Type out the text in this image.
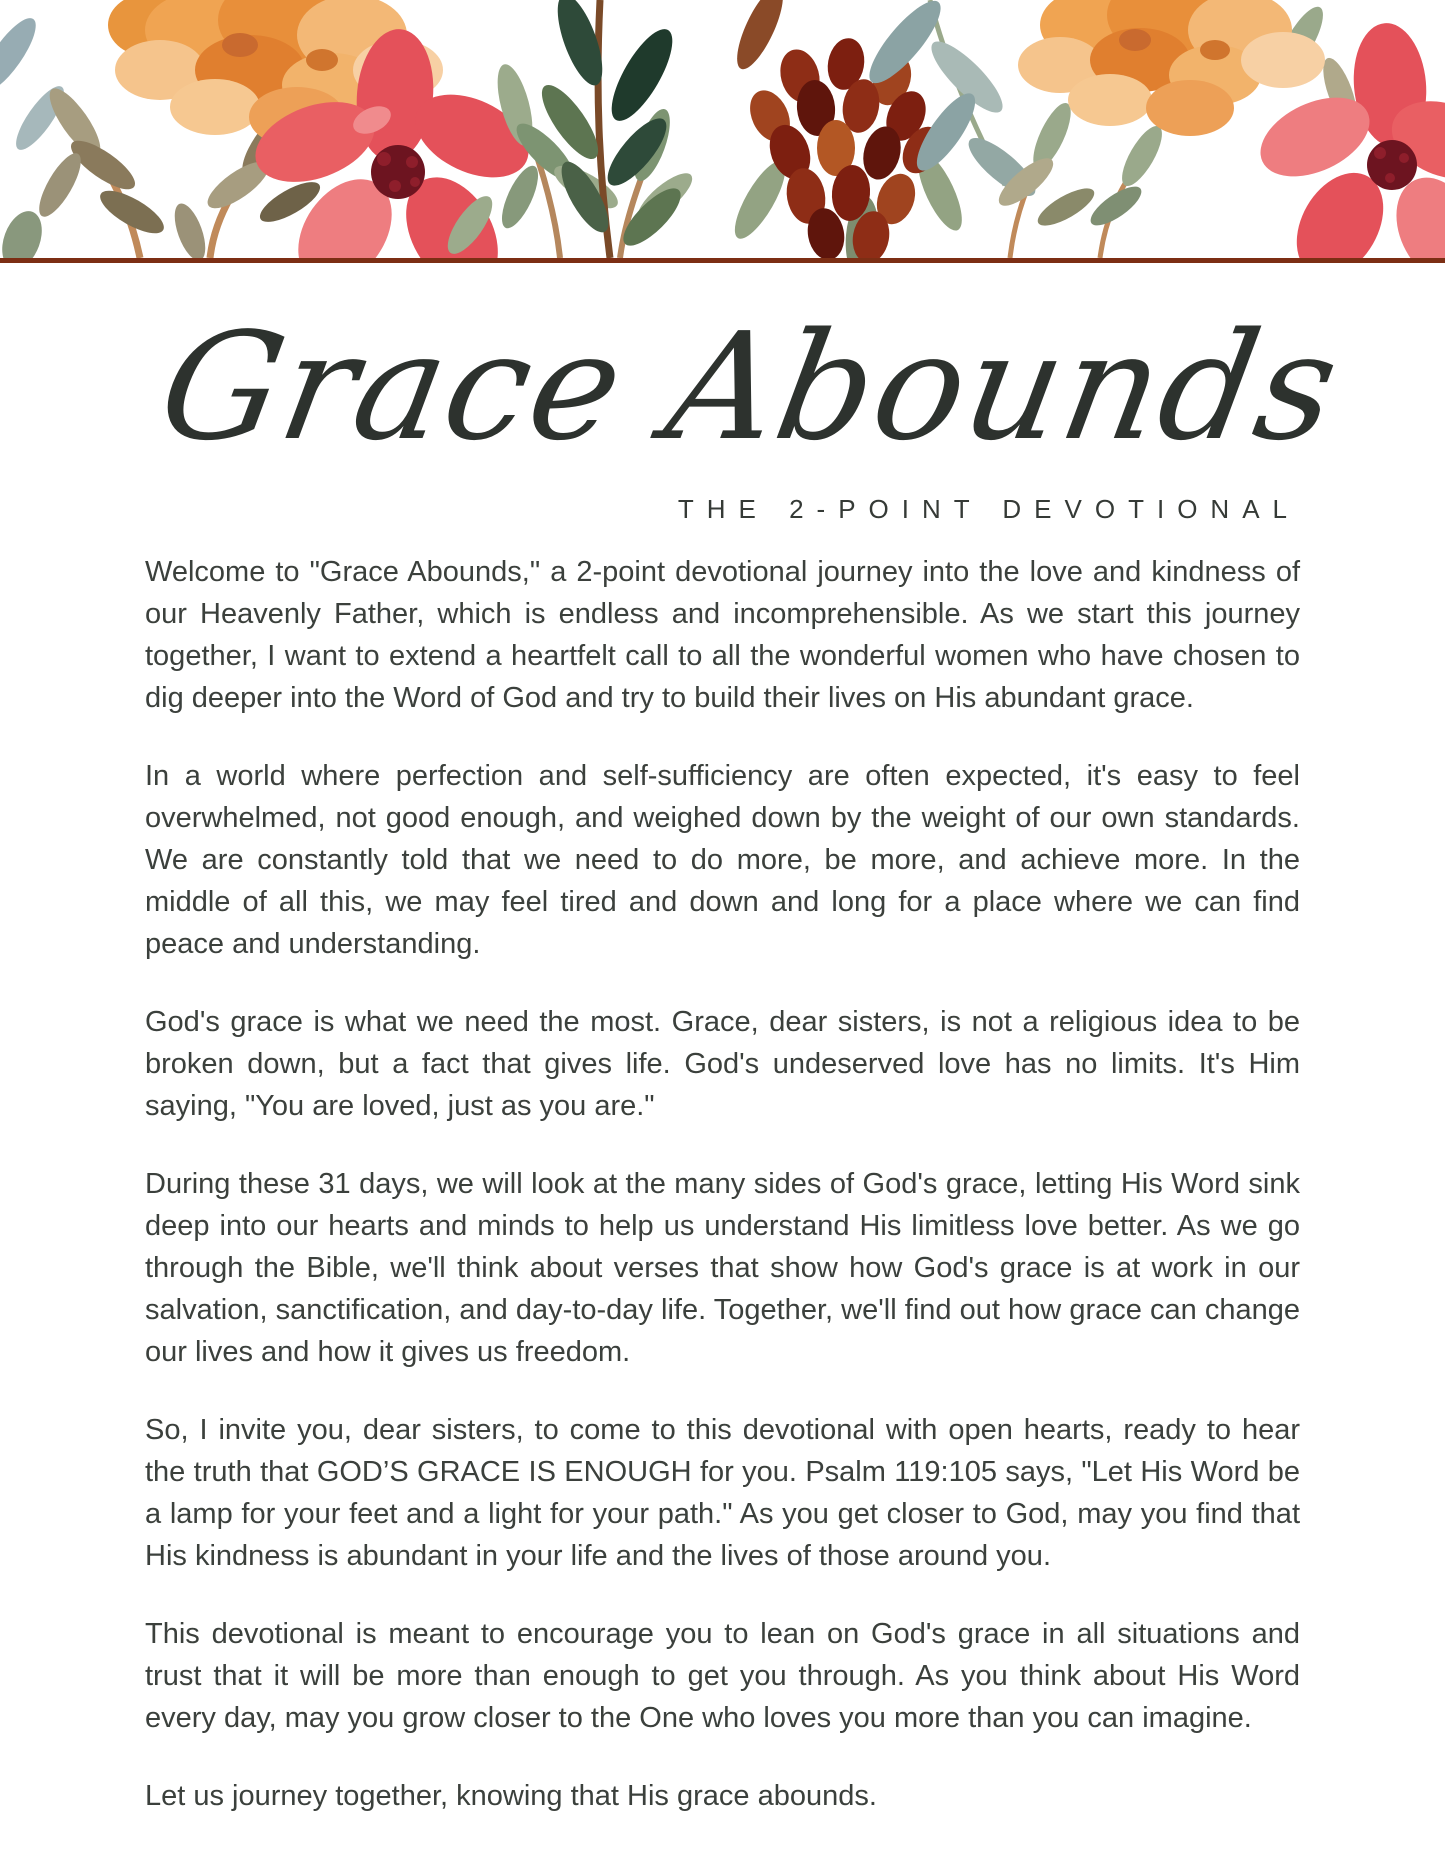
Grace Abounds
THE 2-POINT DEVOTIONAL

Welcome to "Grace Abounds," a 2-point devotional journey into the love and kindness of our Heavenly Father, which is endless and incomprehensible. As we start this journey together, I want to extend a heartfelt call to all the wonderful women who have chosen to dig deeper into the Word of God and try to build their lives on His abundant grace.

In a world where perfection and self-sufficiency are often expected, it's easy to feel overwhelmed, not good enough, and weighed down by the weight of our own standards. We are constantly told that we need to do more, be more, and achieve more. In the middle of all this, we may feel tired and down and long for a place where we can find peace and understanding.

God's grace is what we need the most. Grace, dear sisters, is not a religious idea to be broken down, but a fact that gives life. God's undeserved love has no limits. It's Him saying, "You are loved, just as you are."

During these 31 days, we will look at the many sides of God's grace, letting His Word sink deep into our hearts and minds to help us understand His limitless love better. As we go through the Bible, we'll think about verses that show how God's grace is at work in our salvation, sanctification, and day-to-day life. Together, we'll find out how grace can change our lives and how it gives us freedom.

So, I invite you, dear sisters, to come to this devotional with open hearts, ready to hear the truth that GOD’S GRACE IS ENOUGH for you. Psalm 119:105 says, "Let His Word be a lamp for your feet and a light for your path." As you get closer to God, may you find that His kindness is abundant in your life and the lives of those around you.

This devotional is meant to encourage you to lean on God's grace in all situations and trust that it will be more than enough to get you through. As you think about His Word every day, may you grow closer to the One who loves you more than you can imagine.

Let us journey together, knowing that His grace abounds.
